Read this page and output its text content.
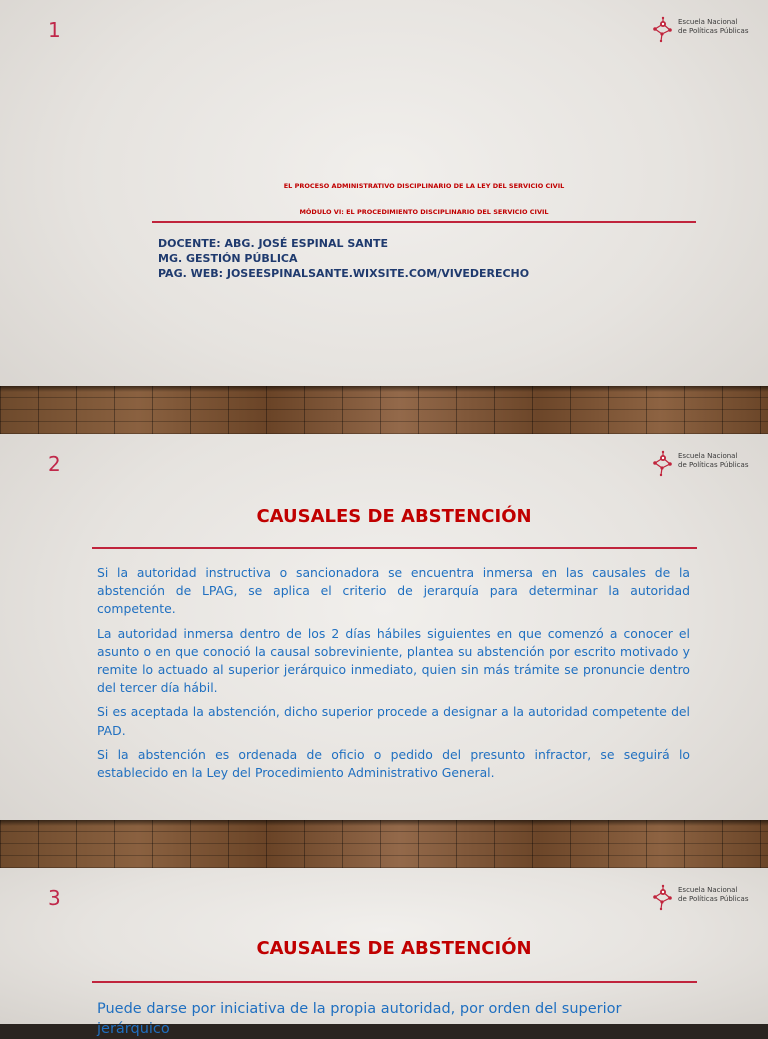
1	Escuela Nacional
de Políticas Públicas
EL PROCESO ADMINISTRATIVO DISCIPLINARIO DE LA LEY DEL SERVICIO CIVIL
MÓDULO VI: EL PROCEDIMIENTO DISCIPLINARIO DEL SERVICIO CIVIL
DOCENTE: ABG. JOSÉ ESPINAL SANTE
MG. GESTIÓN PÚBLICA
PAG. WEB: JOSEESPINALSANTE.WIXSITE.COM/VIVEDERECHO
2	Escuela Nacional
de Políticas Públicas
CAUSALES DE ABSTENCIÓN

Si la autoridad instructiva o sancionadora se encuentra inmersa en las causales de la abstención de LPAG, se aplica el criterio de jerarquía para determinar la autoridad competente.

La autoridad inmersa dentro de los 2 días hábiles siguientes en que comenzó a conocer el asunto o en que conoció la causal sobreviniente, plantea su abstención por escrito motivado y remite lo actuado al superior jerárquico inmediato, quien sin más trámite se pronuncie dentro del tercer día hábil.

Si es aceptada la abstención, dicho superior procede a designar a la autoridad competente del PAD.

Si la abstención es ordenada de oficio o pedido del presunto infractor, se seguirá lo establecido en la Ley del Procedimiento Administrativo General.

3	Escuela Nacional
de Políticas Públicas
CAUSALES DE ABSTENCIÓN
Puede darse por iniciativa de la propia autoridad, por orden del superior jerárquico
